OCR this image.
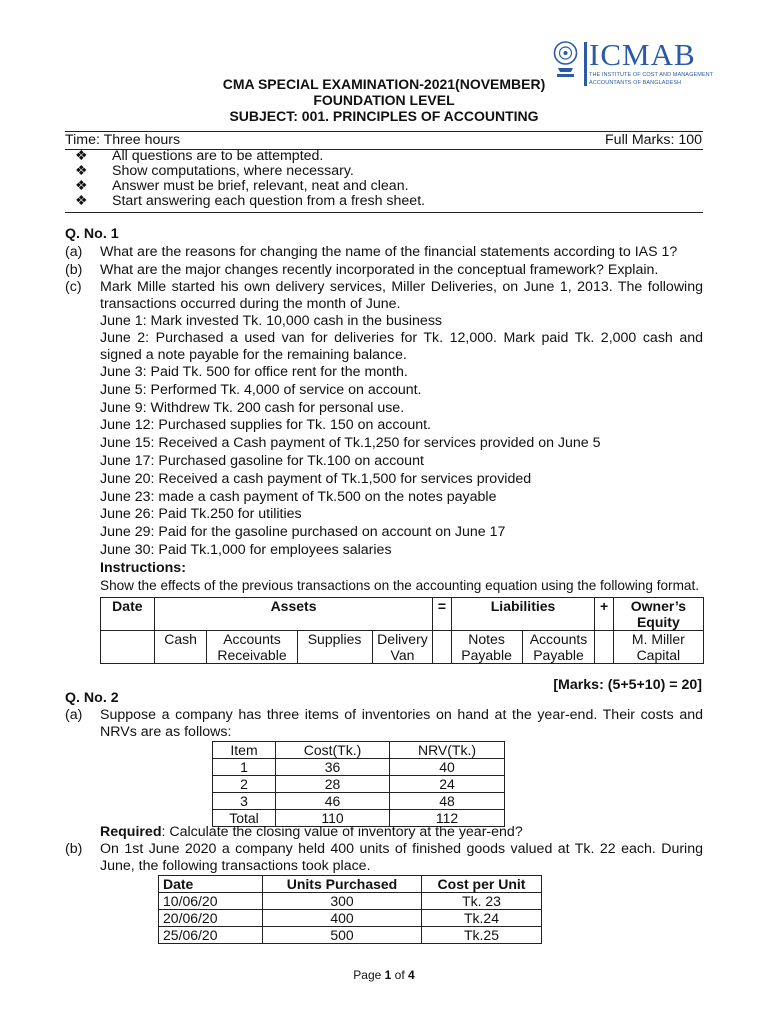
ICMAB
THE INSTITUTE OF COST AND MANAGEMENT
ACCOUNTANTS OF BANGLADESH
CMA SPECIAL EXAMINATION-2021(NOVEMBER)
FOUNDATION LEVEL
SUBJECT: 001. PRINCIPLES OF ACCOUNTING
Time: Three hours	Full Marks: 100
❖ All questions are to be attempted.
❖ Show computations, where necessary.
❖ Answer must be brief, relevant, neat and clean.
❖ Start answering each question from a fresh sheet.
Q. No. 1
(a) What are the reasons for changing the name of the financial statements according to IAS 1?
(b) What are the major changes recently incorporated in the conceptual framework? Explain.
(c) Mark Mille started his own delivery services, Miller Deliveries, on June 1, 2013. The following transactions occurred during the month of June.
June 1: Mark invested Tk. 10,000 cash in the business
June 2: Purchased a used van for deliveries for Tk. 12,000. Mark paid Tk. 2,000 cash and signed a note payable for the remaining balance.
June 3: Paid Tk. 500 for office rent for the month.
June 5: Performed Tk. 4,000 of service on account.
June 9: Withdrew Tk. 200 cash for personal use.
June 12: Purchased supplies for Tk. 150 on account.
June 15: Received a Cash payment of Tk.1,250 for services provided on June 5
June 17: Purchased gasoline for Tk.100 on account
June 20: Received a cash payment of Tk.1,500 for services provided
June 23: made a cash payment of Tk.500 on the notes payable
June 26: Paid Tk.250 for utilities
June 29: Paid for the gasoline purchased on account on June 17
June 30: Paid Tk.1,000 for employees salaries
Instructions:
Show the effects of the previous transactions on the accounting equation using the following format.
Date	Assets				=	Liabilities		+	Owner’s Equity
	Cash	Accounts Receivable	Supplies	Delivery Van		Notes Payable	Accounts Payable		M. Miller Capital
[Marks: (5+5+10) = 20]
Q. No. 2
(a) Suppose a company has three items of inventories on hand at the year-end. Their costs and NRVs are as follows:
Item	Cost(Tk.)	NRV(Tk.)
1	36	40
2	28	24
3	46	48
Total	110	112
Required: Calculate the closing value of inventory at the year-end?
(b) On 1st June 2020 a company held 400 units of finished goods valued at Tk. 22 each. During June, the following transactions took place.
Date	Units Purchased	Cost per Unit
10/06/20	300	Tk. 23
20/06/20	400	Tk.24
25/06/20	500	Tk.25
Page 1 of 4
